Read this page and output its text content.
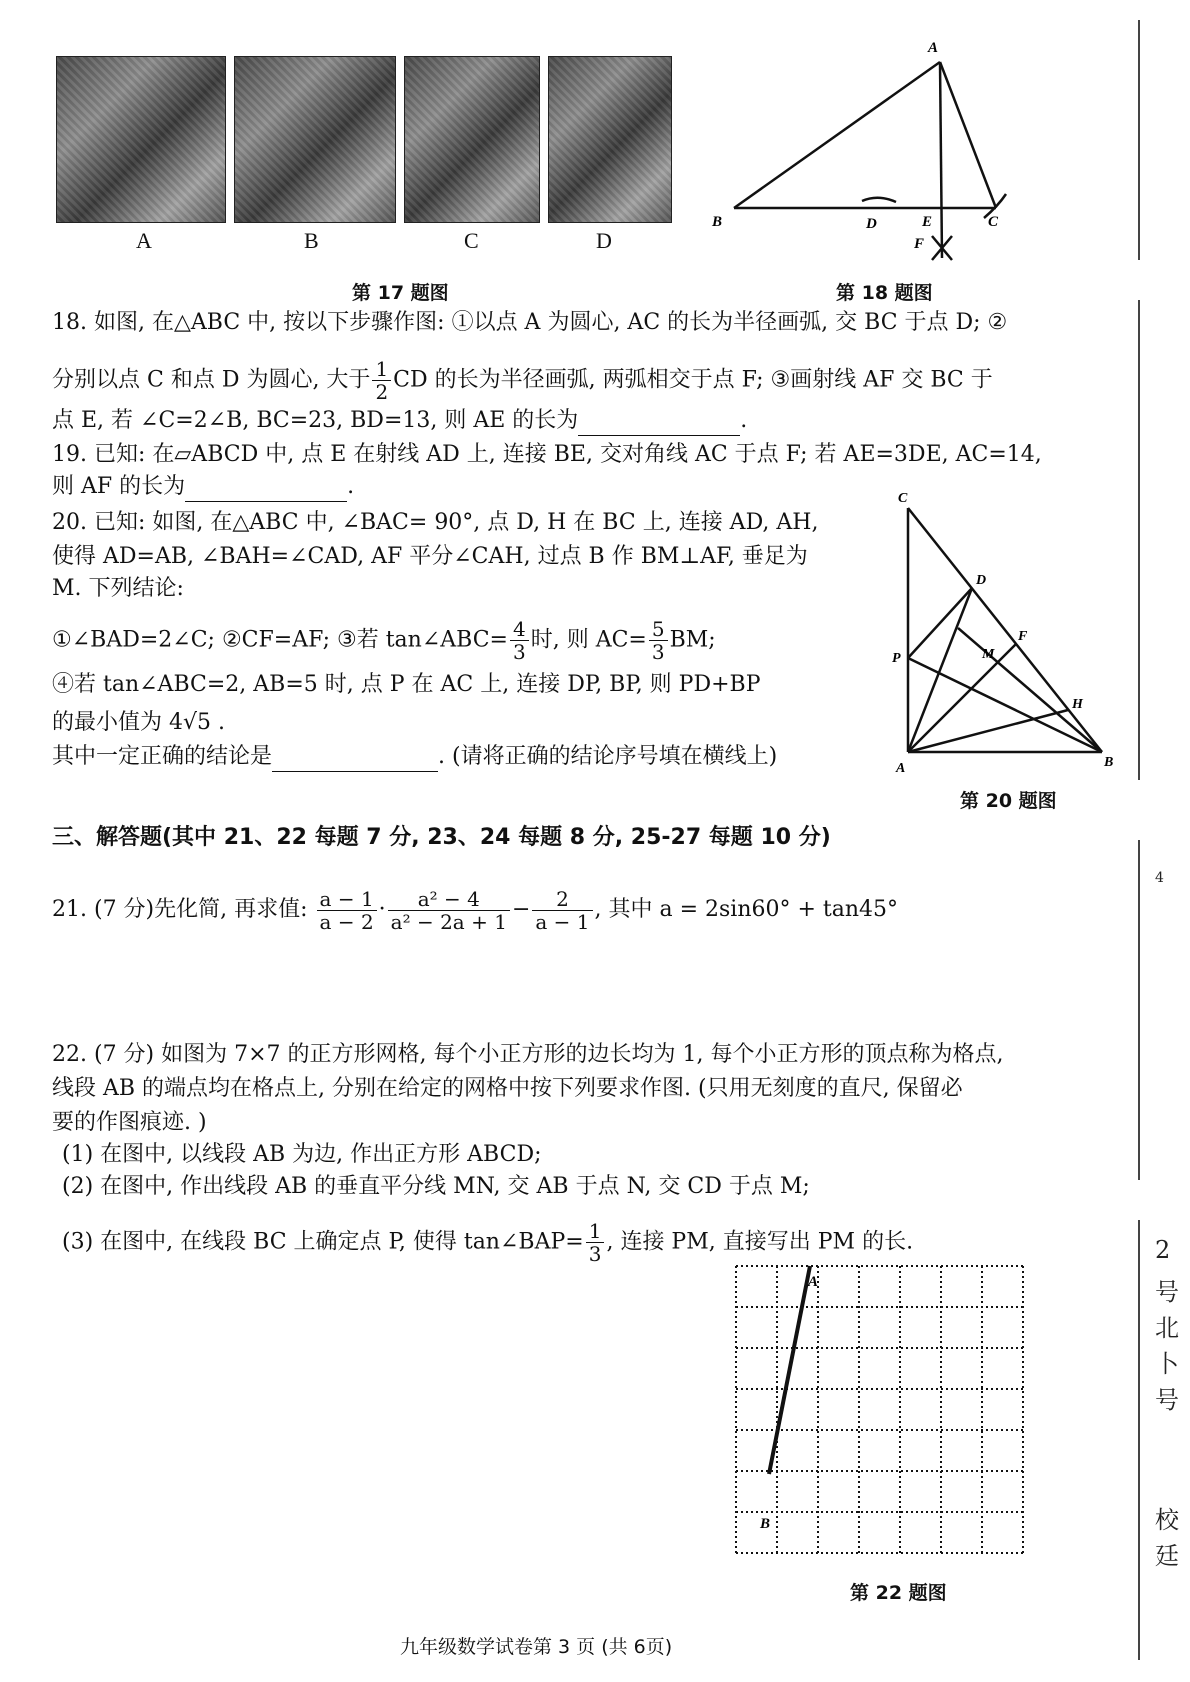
A	B	C	D
第 17 题图
A
B	D	E	C
F
第 18 题图
18. 如图, 在△ABC 中, 按以下步骤作图: ①以点 A 为圆心, AC 的长为半径画弧, 交 BC 于点 D; ②
分别以点 C 和点 D 为圆心, 大于 $\frac{1}{2}$ CD 的长为半径画弧, 两弧相交于点 F; ③画射线 AF 交 BC 于
点 E, 若 ∠C=2∠B, BC=23, BD=13, 则 AE 的长为	.
19. 已知: 在▱ABCD 中, 点 E 在射线 AD 上, 连接 BE, 交对角线 AC 于点 F; 若 AE=3DE, AC=14,
则 AF 的长为	.
20. 已知: 如图, 在△ABC 中, ∠BAC= 90°, 点 D, H 在 BC 上, 连接 AD, AH,
使得 AD=AB, ∠BAH=∠CAD, AF 平分∠CAH, 过点 B 作 BM⊥AF, 垂足为
M. 下列结论:
①∠BAD=2∠C; ②CF=AF; ③若 tan∠ABC= $\frac{4}{3}$ 时, 则 $AC= \frac{5}{3}$ BM;
④若 tan∠ABC=2, AB=5 时, 点 P 在 AC 上, 连接 DP, BP, 则 PD+BP
的最小值为 4√5 .
其中一定正确的结论是	. (请将正确的结论序号填在横线上)
C
D
F
M
P
H
A	B
第 20 题图
三、解答题(其中 21、22 每题 7 分, 23、24 每题 8 分, 25-27 每题 10 分)
21. (7 分)先化简, 再求值: $\frac{a - 1}{a - 2} \cdot \frac{\text{a² − 4}}{\text{a² − 2a + 1}} - \frac{2}{a - 1}$ , 其中 a = 2sin60° + tan45°
22. (7 分) 如图为 7×7 的正方形网格, 每个小正方形的边长均为 1, 每个小正方形的顶点称为格点,
线段 AB 的端点均在格点上, 分别在给定的网格中按下列要求作图. (只用无刻度的直尺, 保留必
要的作图痕迹. )
(1) 在图中, 以线段 AB 为边, 作出正方形 ABCD;
(2) 在图中, 作出线段 AB 的垂直平分线 MN, 交 AB 于点 N, 交 CD 于点 M;
(3) 在图中, 在线段 BC 上确定点 P, 使得 tan∠BAP= $\frac{1}{3}$ , 连接 PM, 直接写出 PM 的长.
A
B
第 22 题图
九年级数学试卷第 3 页 (共 6页)
4
2
号
北
卜
号
校
廷
